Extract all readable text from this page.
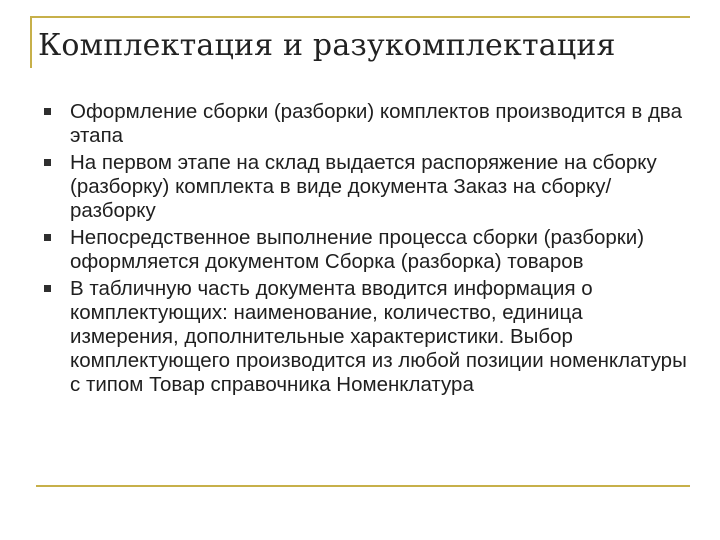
Комплектация и разукомплектация
Оформление сборки (разборки) комплектов производится в два этапа
На первом этапе на склад выдается распоряжение на сборку (разборку) комплекта в виде документа Заказ на сборку/разборку
Непосредственное выполнение процесса сборки (разборки) оформляется документом Сборка (разборка) товаров
В табличную часть документа вводится информация о комплектующих: наименование, количество, единица измерения, дополнительные характеристики. Выбор комплектующего производится из любой позиции номенклатуры с типом Товар справочника Номенклатура
